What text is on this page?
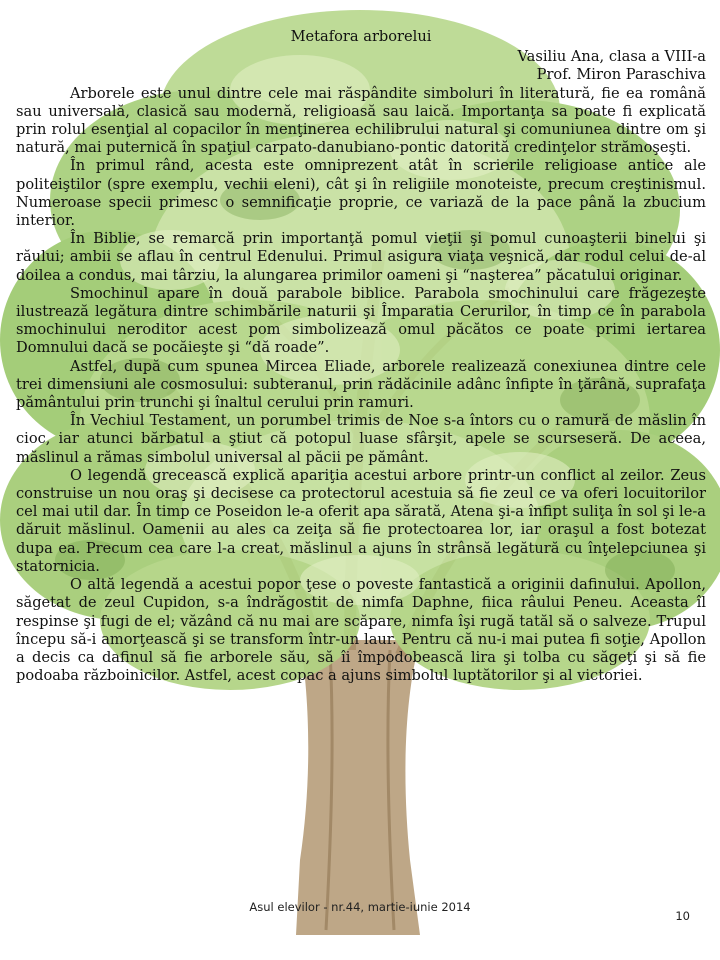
Metafora arborelui

Vasiliu Ana, clasa a VIII-a

Prof. Miron Paraschiva

Arborele este unul dintre cele mai răspândite simboluri în literatură, fie ea română sau universală, clasică sau modernă, religioasă sau laică. Importanţa sa poate fi explicată prin rolul esenţial al copacilor în menţinerea echilibrului natural şi comuniunea dintre om şi natură, mai puternică în spaţiul carpato-danubiano-pontic datorită credinţelor strămoşeşti.

În primul rând, acesta este omniprezent atât în scrierile religioase antice ale politeiştilor (spre exemplu, vechii eleni), cât şi în religiile monoteiste, precum creştinismul. Numeroase specii primesc o semnificaţie proprie, ce variază de la pace până la zbucium interior.

În Biblie, se remarcă prin importanţă pomul vieţii şi pomul cunoaşterii binelui şi răului; ambii se aflau în centrul Edenului. Primul asigura viaţa veşnică, dar rodul celui de-al doilea a condus, mai târziu, la alungarea primilor oameni şi “naşterea” păcatului originar.

Smochinul apare în două parabole biblice. Parabola smochinului care frăgezeşte ilustrează legătura dintre schimbările naturii şi Împaratia Cerurilor, în timp ce în parabola smochinului neroditor acest pom simbolizează omul păcătos ce poate primi iertarea Domnului dacă se pocăieşte şi “dă roade”.

Astfel, după cum spunea Mircea Eliade, arborele realizează conexiunea dintre cele trei dimensiuni ale cosmosului: subteranul, prin rădăcinile adânc înfipte în ţărână, suprafaţa pământului prin trunchi şi înaltul cerului prin ramuri.

În Vechiul Testament, un porumbel trimis de Noe s-a întors cu o ramură de măslin în cioc, iar atunci bărbatul a ştiut că potopul luase sfârşit, apele se scurseseră. De aceea, măslinul a rămas simbolul universal al păcii pe pământ.

O legendă grecească explică apariţia acestui arbore printr-un conflict al zeilor. Zeus construise un nou oraş şi decisese ca protectorul acestuia să fie zeul ce va oferi locuitorilor cel mai util dar. În timp ce Poseidon le-a oferit apa sărată, Atena şi-a înfipt suliţa în sol şi le-a dăruit măslinul. Oamenii au ales ca zeiţa să fie protectoarea lor, iar oraşul a fost botezat dupa ea. Precum cea care l-a creat, măslinul a ajuns în strânsă legătură cu înţelepciunea şi statornicia.

O altă legendă a acestui popor ţese o poveste fantastică a originii dafinului. Apollon, săgetat de zeul Cupidon, s-a îndrăgostit de nimfa Daphne, fiica râului Peneu. Aceasta îl respinse şi fugi de el; văzând că nu mai are scăpare, nimfa îşi rugă tatăl să o salveze. Trupul începu să-i amorţească şi se transform într-un laur. Pentru că nu-i mai putea fi soţie, Apollon a decis ca dafinul să fie arborele său, să îi împodobească lira şi tolba cu săgeţi şi să fie podoaba războinicilor. Astfel, acest copac a ajuns simbolul luptătorilor şi al victoriei.

Asul elevilor - nr.44, martie-iunie 2014
10
